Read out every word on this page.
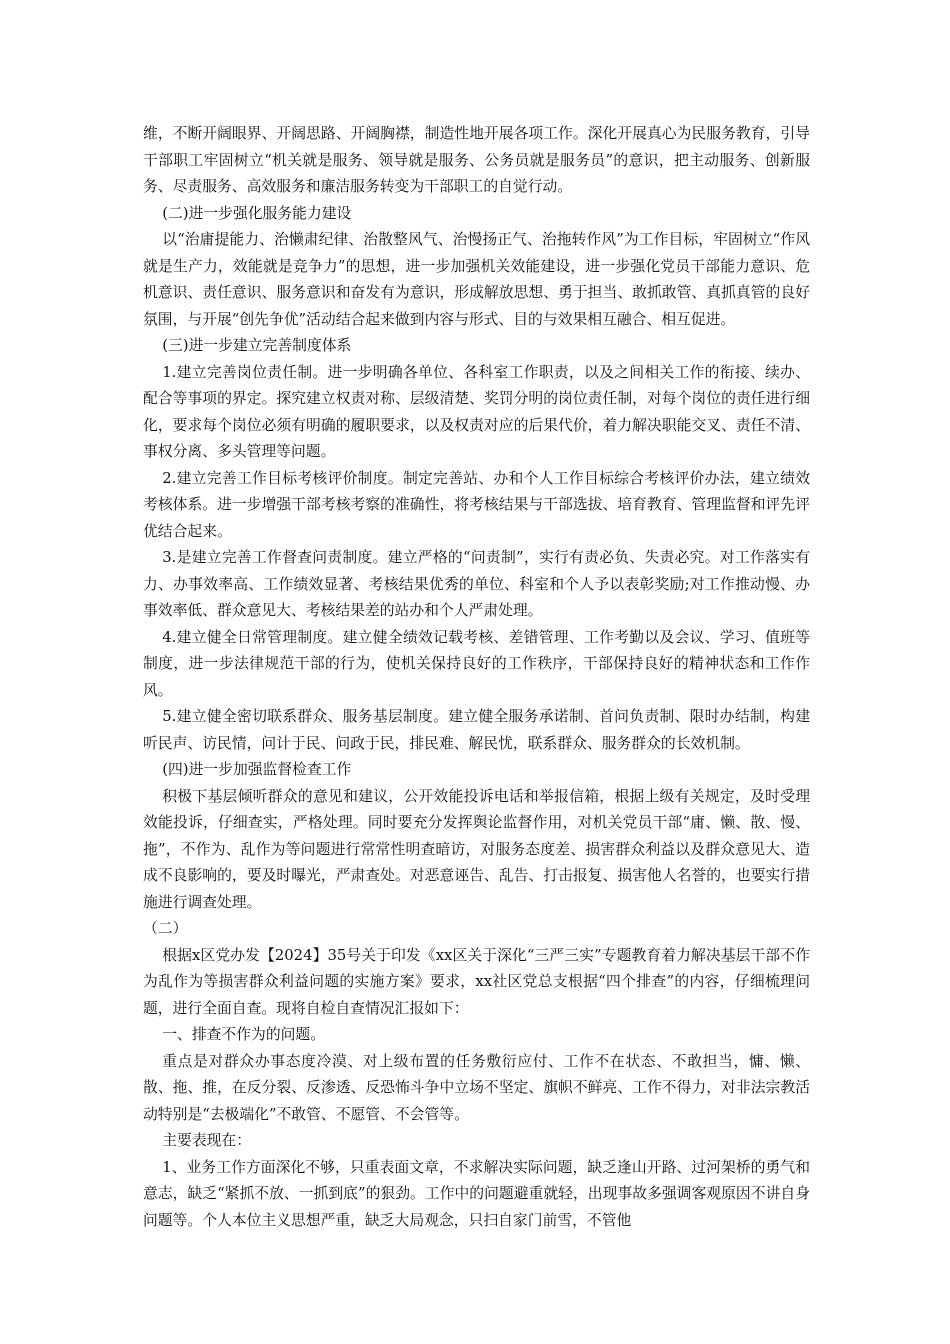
维，不断开阔眼界、开阔思路、开阔胸襟，制造性地开展各项工作。深化开展真心为民服务教育，引导干部职工牢固树立“机关就是服务、领导就是服务、公务员就是服务员”的意识，把主动服务、创新服务、尽责服务、高效服务和廉洁服务转变为干部职工的自觉行动。

(二)进一步强化服务能力建设

以“治庸提能力、治懒肃纪律、治散整风气、治慢扬正气、治拖转作风”为工作目标，牢固树立“作风就是生产力，效能就是竞争力”的思想，进一步加强机关效能建设，进一步强化党员干部能力意识、危机意识、责任意识、服务意识和奋发有为意识，形成解放思想、勇于担当、敢抓敢管、真抓真管的良好氛围，与开展“创先争优”活动结合起来做到内容与形式、目的与效果相互融合、相互促进。

(三)进一步建立完善制度体系

1.建立完善岗位责任制。进一步明确各单位、各科室工作职责，以及之间相关工作的衔接、续办、配合等事项的界定。探究建立权责对称、层级清楚、奖罚分明的岗位责任制，对每个岗位的责任进行细化，要求每个岗位必须有明确的履职要求，以及权责对应的后果代价，着力解决职能交叉、责任不清、事权分离、多头管理等问题。

2.建立完善工作目标考核评价制度。制定完善站、办和个人工作目标综合考核评价办法，建立绩效考核体系。进一步增强干部考核考察的准确性，将考核结果与干部选拔、培育教育、管理监督和评先评优结合起来。

3.是建立完善工作督查问责制度。建立严格的“问责制”，实行有责必负、失责必究。对工作落实有力、办事效率高、工作绩效显著、考核结果优秀的单位、科室和个人予以表彰奖励;对工作推动慢、办事效率低、群众意见大、考核结果差的站办和个人严肃处理。

4.建立健全日常管理制度。建立健全绩效记载考核、差错管理、工作考勤以及会议、学习、值班等制度，进一步法律规范干部的行为，使机关保持良好的工作秩序，干部保持良好的精神状态和工作作风。

5.建立健全密切联系群众、服务基层制度。建立健全服务承诺制、首问负责制、限时办结制，构建听民声、访民情，问计于民、问政于民，排民难、解民忧，联系群众、服务群众的长效机制。

(四)进一步加强监督检查工作

积极下基层倾听群众的意见和建议，公开效能投诉电话和举报信箱，根据上级有关规定，及时受理效能投诉，仔细查实，严格处理。同时要充分发挥舆论监督作用，对机关党员干部“庸、懒、散、慢、拖”，不作为、乱作为等问题进行常常性明查暗访，对服务态度差、损害群众利益以及群众意见大、造成不良影响的，要及时曝光，严肃查处。对恶意诬告、乱告、打击报复、损害他人名誉的，也要实行措施进行调查处理。

（二）

根据x区党办发【2024】35号关于印发《xx区关于深化“三严三实”专题教育着力解决基层干部不作为乱作为等损害群众利益问题的实施方案》要求，xx社区党总支根据“四个排查”的内容，仔细梳理问题，进行全面自查。现将自检自查情况汇报如下：

一、排查不作为的问题。

重点是对群众办事态度冷漠、对上级布置的任务敷衍应付、工作不在状态、不敢担当，慵、懒、散、拖、推，在反分裂、反渗透、反恐怖斗争中立场不坚定、旗帜不鲜亮、工作不得力，对非法宗教活动特别是“去极端化”不敢管、不愿管、不会管等。

主要表现在：

1、业务工作方面深化不够，只重表面文章，不求解决实际问题，缺乏逢山开路、过河架桥的勇气和意志，缺乏“紧抓不放、一抓到底”的狠劲。工作中的问题避重就轻，出现事故多强调客观原因不讲自身问题等。个人本位主义思想严重，缺乏大局观念，只扫自家门前雪，不管他
